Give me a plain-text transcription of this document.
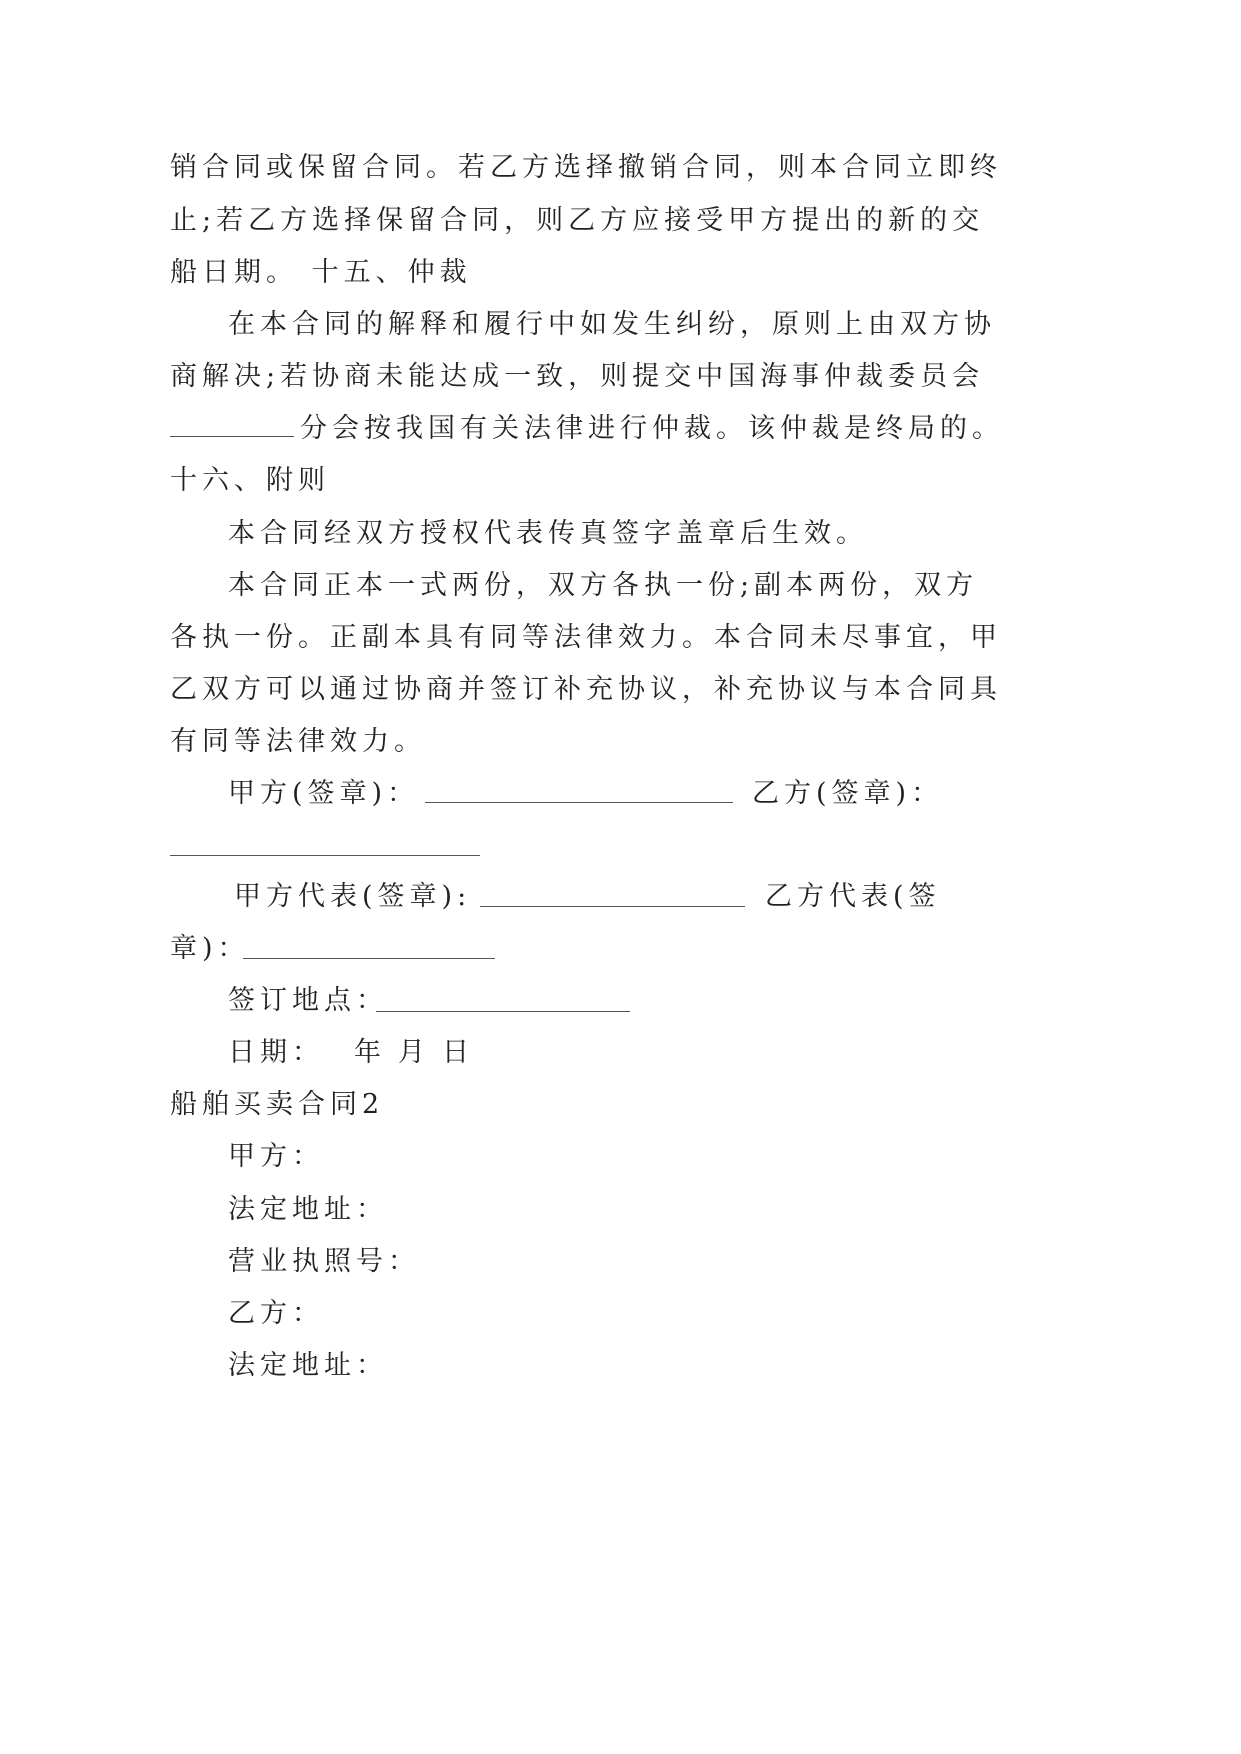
销合同或保留合同。若乙方选择撤销合同，则本合同立即终
止;若乙方选择保留合同，则乙方应接受甲方提出的新的交
船日期。 十五、仲裁
在本合同的解释和履行中如发生纠纷，原则上由双方协
商解决;若协商未能达成一致，则提交中国海事仲裁委员会
分会按我国有关法律进行仲裁。该仲裁是终局的。
十六、附则
本合同经双方授权代表传真签字盖章后生效。
本合同正本一式两份，双方各执一份;副本两份，双方
各执一份。正副本具有同等法律效力。本合同未尽事宜，甲
乙双方可以通过协商并签订补充协议，补充协议与本合同具
有同等法律效力。
甲方(签章)：	乙方(签章)：
甲方代表(签章):	乙方代表(签
章)：
签订地点：
日期： 年 月 日
船舶买卖合同2
甲方：
法定地址：
营业执照号：
乙方：
法定地址：
